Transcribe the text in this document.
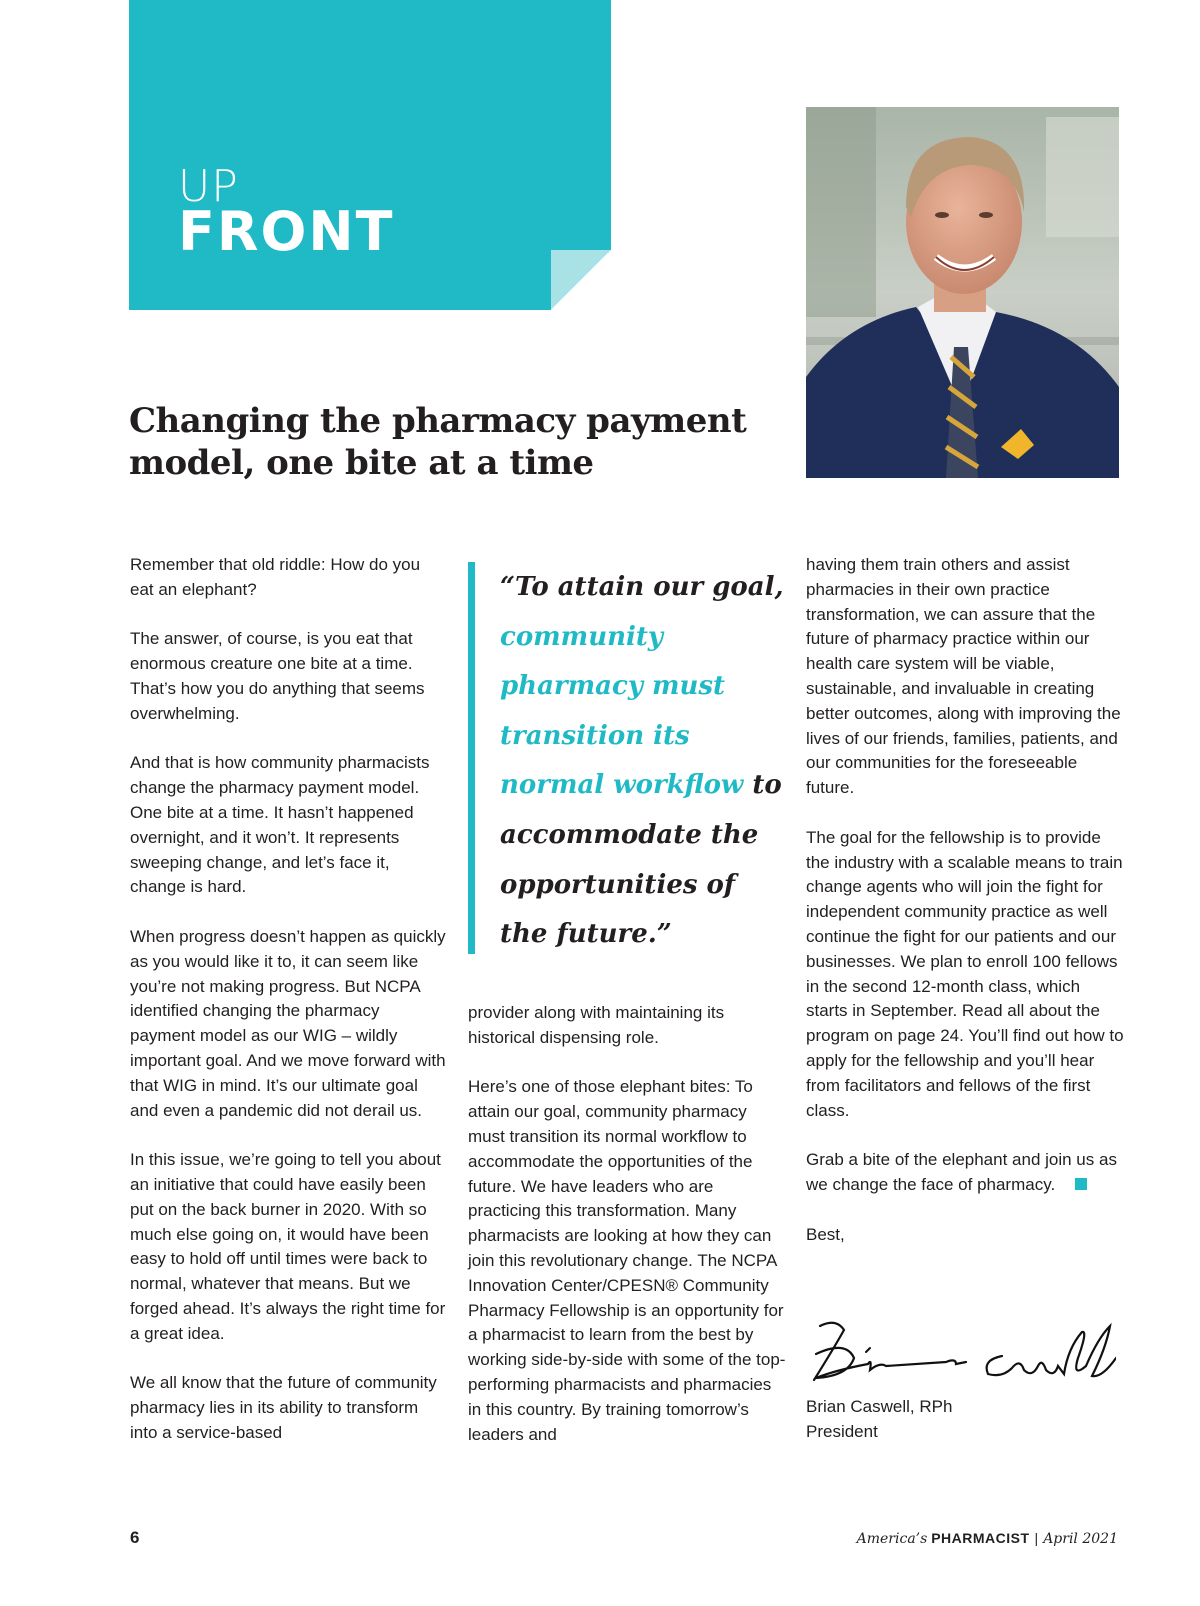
UP
FRONT
Changing the pharmacy payment model, one bite at a time

Remember that old riddle: How do you eat an elephant?

The answer, of course, is you eat that enormous creature one bite at a time. That’s how you do anything that seems overwhelming.

And that is how community pharmacists change the pharmacy payment model. One bite at a time. It hasn’t happened overnight, and it won’t. It represents sweeping change, and let’s face it, change is hard.

When progress doesn’t happen as quickly as you would like it to, it can seem like you’re not making progress. But NCPA identified changing the pharmacy payment model as our WIG – wildly important goal. And we move forward with that WIG in mind. It’s our ultimate goal and even a pandemic did not derail us.

In this issue, we’re going to tell you about an initiative that could have easily been put on the back burner in 2020. With so much else going on, it would have been easy to hold off until times were back to normal, whatever that means. But we forged ahead. It’s always the right time for a great idea.

We all know that the future of community pharmacy lies in its ability to transform into a service-based

“To attain our goal, community pharmacy must transition its normal workflow to accommodate the opportunities of the future.”

provider along with maintaining its historical dispensing role.

Here’s one of those elephant bites: To attain our goal, community pharmacy must transition its normal workflow to accommodate the opportunities of the future. We have leaders who are practicing this transformation. Many pharmacists are looking at how they can join this revolutionary change. The NCPA Innovation Center/CPESN® Community Pharmacy Fellowship is an opportunity for a pharmacist to learn from the best by working side-by-side with some of the top-performing pharmacists and pharmacies in this country. By training tomorrow’s leaders and

having them train others and assist pharmacies in their own practice transformation, we can assure that the future of pharmacy practice within our health care system will be viable, sustainable, and invaluable in creating better outcomes, along with improving the lives of our friends, families, patients, and our communities for the foreseeable future.

The goal for the fellowship is to provide the industry with a scalable means to train change agents who will join the fight for independent community practice as well continue the fight for our patients and our businesses. We plan to enroll 100 fellows in the second 12-month class, which starts in September. Read all about the program on page 24. You’ll find out how to apply for the fellowship and you’ll hear from facilitators and fellows of the first class.

Grab a bite of the elephant and join us as we change the face of pharmacy.

Best,

Brian Caswell, RPh
President
6	America’s PHARMACIST | April 2021
